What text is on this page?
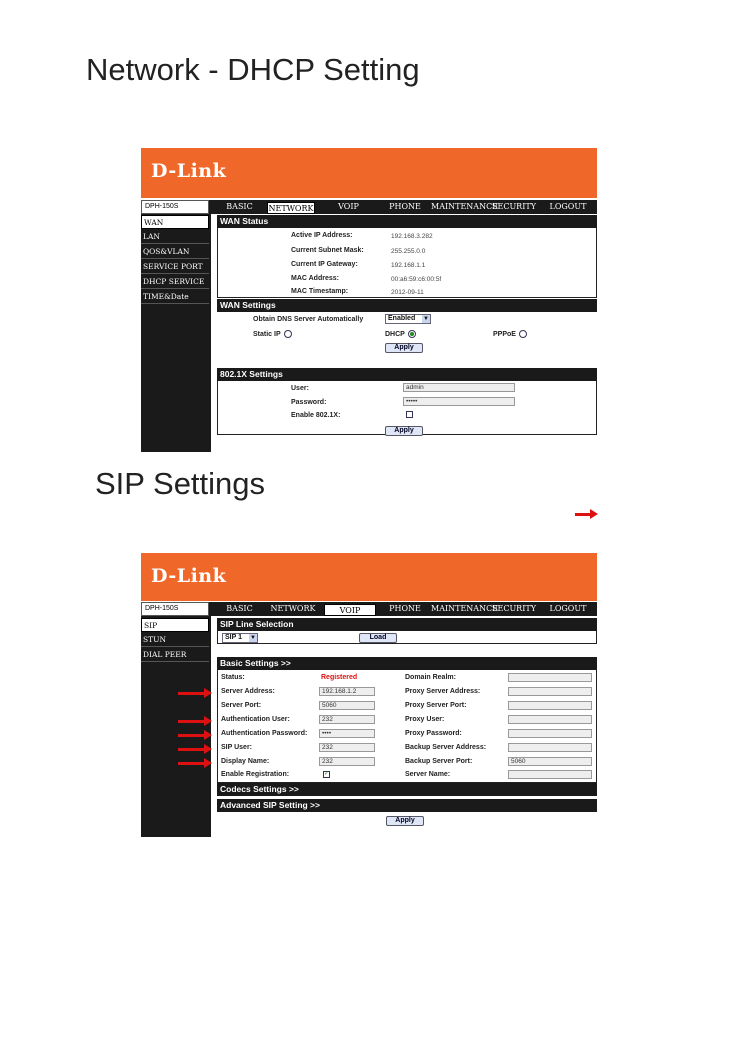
Network - DHCP Setting
D-Link
DPH-150S	BASIC	NETWORK	VOIP	PHONE	MAINTENANCE
SECURITY	LOGOUT
WAN
LAN
QOS&VLAN
SERVICE PORT
DHCP SERVICE
TIME&Date
WAN Status
Active IP Address:	192.168.3.282
Current Subnet Mask:	255.255.0.0
Current IP Gateway:	192.168.1.1
MAC Address:	00:a6:59:c6:00:5f
MAC Timestamp:	2012-09-11
WAN Settings
Obtain DNS Server Automatically	Enabled ▼
Static IP	DHCP	PPPoE
Apply
802.1X Settings
User:
admin
Password:
•••••
Enable 802.1X:
Apply
SIP Settings
D-Link
DPH-150S	BASIC	NETWORK	VOIP	PHONE	MAINTENANCE
SECURITY	LOGOUT
SIP
STUN
DIAL PEER
SIP Line Selection
SIP 1 ▼	Load
Basic Settings >>
Status:	Registered
Server Address:
192.168.1.2
Server Port:
5060
Authentication User:
232
Authentication Password:
••••
SIP User:
232
Display Name:
232
Enable Registration:	✓
Domain Realm:
Proxy Server Address:
Proxy Server Port:
Proxy User:
Proxy Password:
Backup Server Address:
Backup Server Port:
5060
Server Name:
Codecs Settings >>
Advanced SIP Setting >>
Apply
